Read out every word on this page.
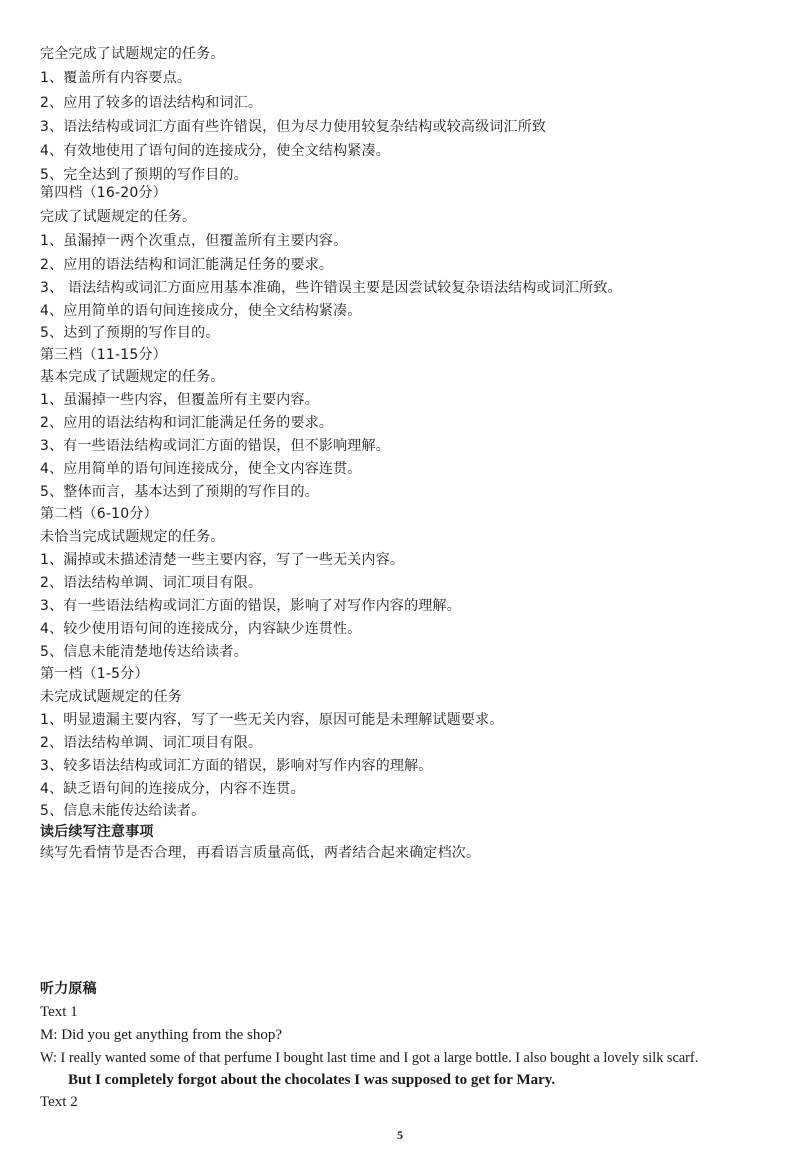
完全完成了试题规定的任务。
1、覆盖所有内容要点。
2、应用了较多的语法结构和词汇。
3、语法结构或词汇方面有些许错误，但为尽力使用较复杂结构或较高级词汇所致
4、有效地使用了语句间的连接成分，使全文结构紧凑。
5、完全达到了预期的写作目的。
第四档（16-20分）
完成了试题规定的任务。
1、虽漏掉一两个次重点，但覆盖所有主要内容。
2、应用的语法结构和词汇能满足任务的要求。
3、 语法结构或词汇方面应用基本准确，些许错误主要是因尝试较复杂语法结构或词汇所致。
4、应用简单的语句间连接成分，使全文结构紧凑。
5、达到了预期的写作目的。
第三档（11-15分）
基本完成了试题规定的任务。
1、虽漏掉一些内容，但覆盖所有主要内容。
2、应用的语法结构和词汇能满足任务的要求。
3、有一些语法结构或词汇方面的错误，但不影响理解。
4、应用简单的语句间连接成分，使全文内容连贯。
5、整体而言，基本达到了预期的写作目的。
第二档（6-10分）
未恰当完成试题规定的任务。
1、漏掉或未描述清楚一些主要内容，写了一些无关内容。
2、语法结构单调、词汇项目有限。
3、有一些语法结构或词汇方面的错误，影响了对写作内容的理解。
4、较少使用语句间的连接成分，内容缺少连贯性。
5、信息未能清楚地传达给读者。
第一档（1-5分）
未完成试题规定的任务
1、明显遗漏主要内容，写了一些无关内容，原因可能是未理解试题要求。
2、语法结构单调、词汇项目有限。
3、较多语法结构或词汇方面的错误，影响对写作内容的理解。
4、缺乏语句间的连接成分，内容不连贯。
5、信息未能传达给读者。
读后续写注意事项
续写先看情节是否合理，再看语言质量高低，两者结合起来确定档次。
听力原稿
Text 1
M: Did you get anything from the shop?
W: I really wanted some of that perfume I bought last time and I got a large bottle. I also bought a lovely silk scarf.
But I completely forgot about the chocolates I was supposed to get for Mary.
Text 2
5
